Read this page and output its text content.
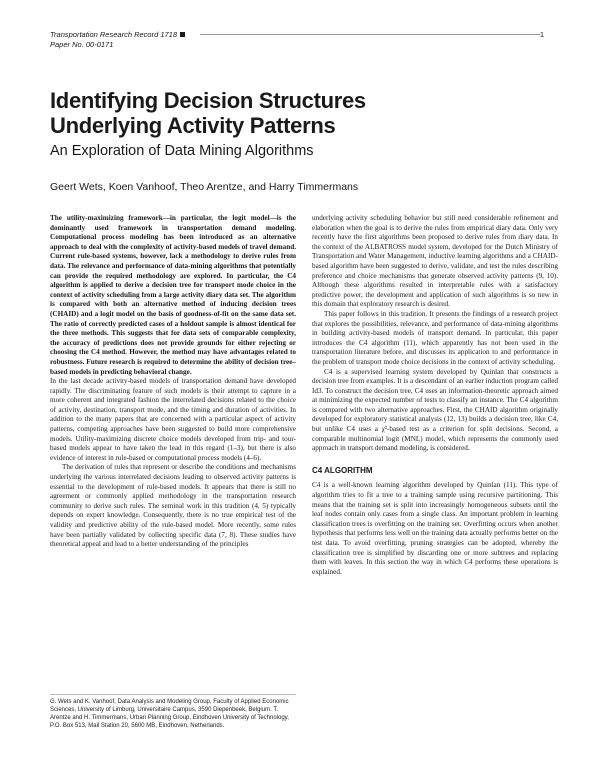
Transportation Research Record 1718
Paper No. 00-0171
1
Identifying Decision Structures
Underlying Activity Patterns
An Exploration of Data Mining Algorithms
Geert Wets, Koen Vanhoof, Theo Arentze, and Harry Timmermans

The utility-maximizing framework—in particular, the logit model—is the dominantly used framework in transportation demand modeling. Computational process modeling has been introduced as an alternative approach to deal with the complexity of activity-based models of travel demand. Current rule-based systems, however, lack a methodology to derive rules from data. The relevance and performance of data-mining algorithms that potentially can provide the required methodology are explored. In particular, the C4 algorithm is applied to derive a decision tree for transport mode choice in the context of activity scheduling from a large activity diary data set. The algorithm is compared with both an alternative method of inducing decision trees (CHAID) and a logit model on the basis of goodness-of-fit on the same data set. The ratio of correctly predicted cases of a holdout sample is almost identical for the three methods. This suggests that for data sets of comparable complexity, the accuracy of predictions does not provide grounds for either rejecting or choosing the C4 method. However, the method may have advantages related to robustness. Future research is required to determine the ability of decision tree–based models in predicting behavioral change.

In the last decade activity-based models of transportation demand have developed rapidly. The discriminating feature of such models is their attempt to capture in a more coherent and integrated fashion the interrelated decisions related to the choice of activity, destination, transport mode, and the timing and duration of activities. In addition to the many papers that are concerned with a particular aspect of activity patterns, competing approaches have been suggested to build more comprehensive models. Utility-maximizing discrete choice models developed from trip- and tour-based models appear to have taken the lead in this regard (1–3), but there is also evidence of interest in rule-based or computational process models (4–6).

The derivation of rules that represent or describe the conditions and mechanisms underlying the various interrelated decisions leading to observed activity patterns is essential to the development of rule-based models. It appears that there is still no agreement or commonly applied methodology in the transportation research community to derive such rules. The seminal work in this tradition (4, 5) typically depends on expert knowledge. Consequently, there is no true empirical test of the validity and predictive ability of the rule-based model. More recently, some rules have been partially validated by collecting specific data (7, 8). These studies have theoretical appeal and lead to a better understanding of the principles

G. Wets and K. Vanhoof, Data Analysis and Modeling Group, Faculty of Applied Economic Sciences, University of Limburg, Universitaire Campus, 3590 Diepenbeek, Belgium. T. Arentze and H. Timmermans, Urban Planning Group, Eindhoven University of Technology, P.O. Box 513, Mail Station 20, 5600 MB, Eindhoven, Netherlands.

underlying activity scheduling behavior but still need considerable refinement and elaboration when the goal is to derive the rules from empirical diary data. Only very recently have the first algorithms been proposed to derive rules from diary data. In the context of the ALBATROSS model system, developed for the Dutch Ministry of Transportation and Water Management, inductive learning algorithms and a CHAID-based algorithm have been suggested to derive, validate, and test the rules describing preference and choice mechanisms that generate observed activity patterns (9, 10). Although these algorithms resulted in interpretable rules with a satisfactory predictive power, the development and application of such algorithms is so new in this domain that exploratory research is desired.

This paper follows in this tradition. It presents the findings of a research project that explores the possibilities, relevance, and performance of data-mining algorithms in building activity-based models of transport demand. In particular, this paper introduces the C4 algorithm (11), which apparently has not been used in the transportation literature before, and discusses its application to and performance in the problem of transport mode choice decisions in the context of activity scheduling.

C4 is a supervised learning system developed by Quinlan that constructs a decision tree from examples. It is a descendant of an earlier induction program called Id3. To construct the decision tree, C4 uses an information-theoretic approach aimed at minimizing the expected number of tests to classify an instance. The C4 algorithm is compared with two alternative approaches. First, the CHAID algorithm originally developed for exploratory statistical analysis (12, 13) builds a decision tree, like C4, but unlike C4 uses a χ²-based test as a criterion for split decisions. Second, a comparable multinomial logit (MNL) model, which represents the commonly used approach in transport demand modeling, is considered.

C4 ALGORITHM

C4 is a well-known learning algorithm developed by Quinlan (11). This type of algorithm tries to fit a tree to a training sample using recursive partitioning. This means that the training set is split into increasingly homogeneous subsets until the leaf nodes contain only cases from a single class. An important problem in learning classification trees is overfitting on the training set. Overfitting occurs when another hypothesis that performs less well on the training data actually performs better on the test data. To avoid overfitting, pruning strategies can be adopted, whereby the classification tree is simplified by discarding one or more subtrees and replacing them with leaves. In this section the way in which C4 performs these operations is explained.
